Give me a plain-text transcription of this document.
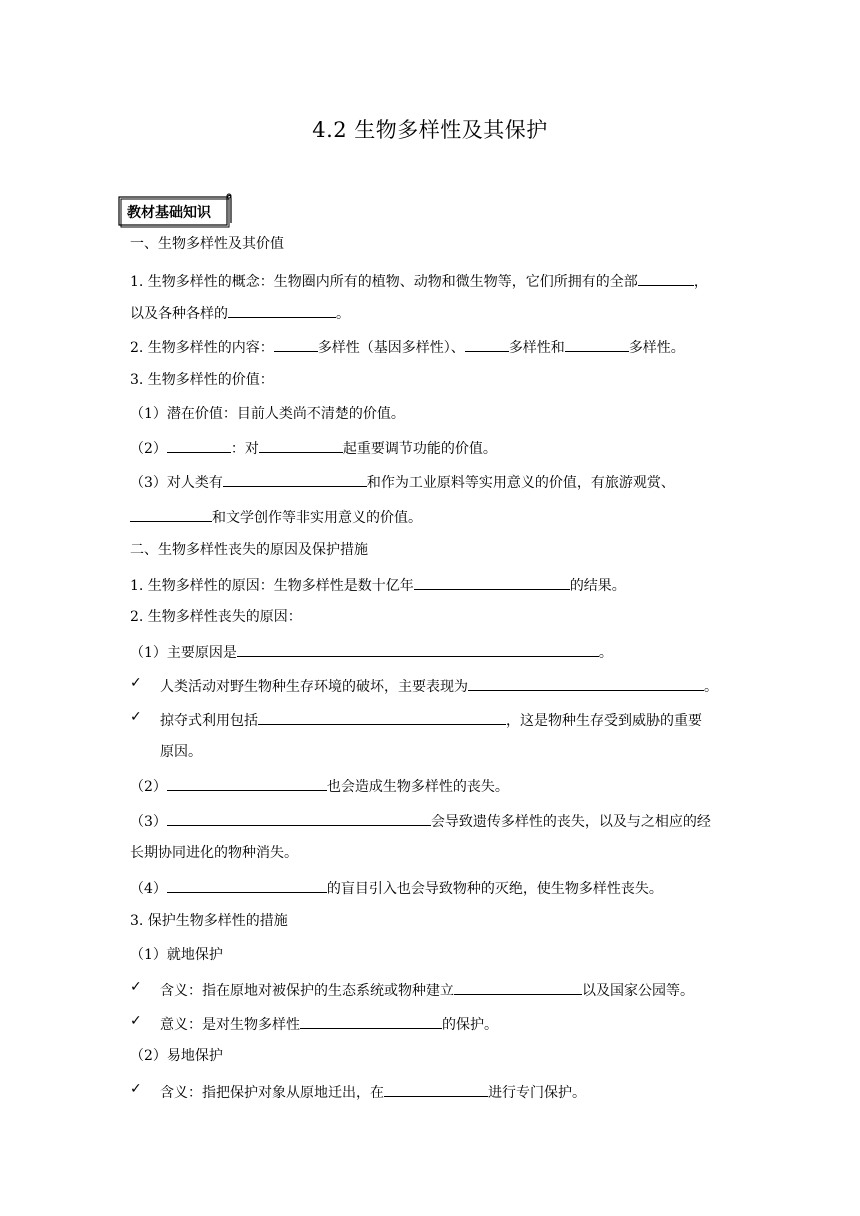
4.2 生物多样性及其保护
教材基础知识
一、生物多样性及其价值
1. 生物多样性的概念：生物圈内所有的植物、动物和微生物等，它们所拥有的全部	，
以及各种各样的	。
2. 生物多样性的内容：	多样性（基因多样性）、	多样性和	多样性。
3. 生物多样性的价值：
（1）潜在价值：目前人类尚不清楚的价值。
（2）	：对	起重要调节功能的价值。
（3）对人类有	和作为工业原料等实用意义的价值，有旅游观赏、
和文学创作等非实用意义的价值。
二、生物多样性丧失的原因及保护措施
1. 生物多样性的原因：生物多样性是数十亿年	的结果。
2. 生物多样性丧失的原因：
（1）主要原因是	。
✓ 人类活动对野生物种生存环境的破坏，主要表现为	。
✓ 掠夺式利用包括	，这是物种生存受到威胁的重要
原因。
（2）	也会造成生物多样性的丧失。
（3）	会导致遗传多样性的丧失，以及与之相应的经
长期协同进化的物种消失。
（4）	的盲目引入也会导致物种的灭绝，使生物多样性丧失。
3. 保护生物多样性的措施
（1）就地保护
✓ 含义：指在原地对被保护的生态系统或物种建立	以及国家公园等。
✓ 意义：是对生物多样性	的保护。
（2）易地保护
✓ 含义：指把保护对象从原地迁出，在	进行专门保护。
